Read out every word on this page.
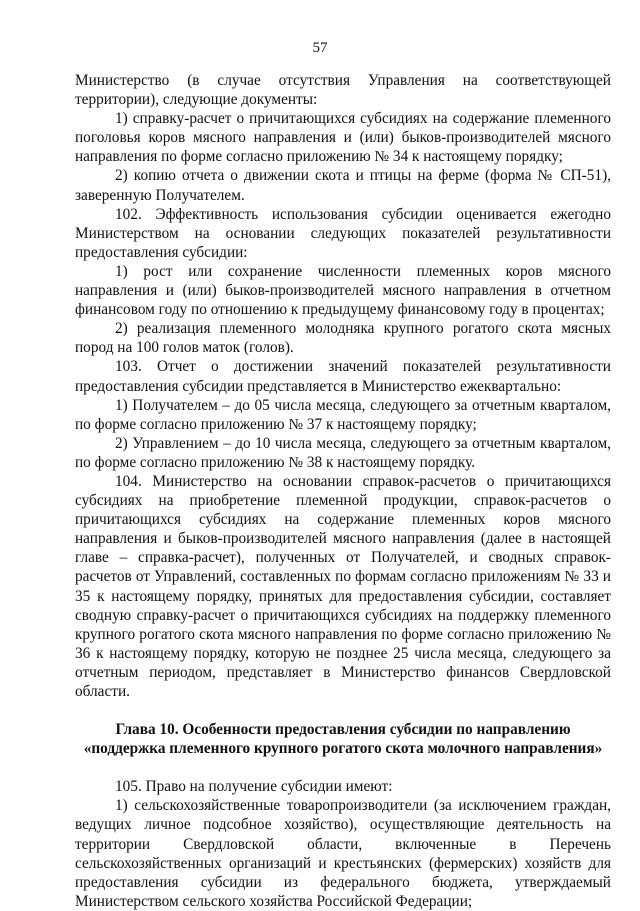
57

Министерство (в случае отсутствия Управления на соответствующей территории), следующие документы:

1) справку-расчет о причитающихся субсидиях на содержание племенного поголовья коров мясного направления и (или) быков-производителей мясного направления по форме согласно приложению № 34 к настоящему порядку;

2) копию отчета о движении скота и птицы на ферме (форма № СП-51), заверенную Получателем.

102. Эффективность использования субсидии оценивается ежегодно Министерством на основании следующих показателей результативности предоставления субсидии:

1) рост или сохранение численности племенных коров мясного направления и (или) быков-производителей мясного направления в отчетном финансовом году по отношению к предыдущему финансовому году в процентах;

2) реализация племенного молодняка крупного рогатого скота мясных пород на 100 голов маток (голов).

103. Отчет о достижении значений показателей результативности предоставления субсидии представляется в Министерство ежеквартально:

1) Получателем – до 05 числа месяца, следующего за отчетным кварталом, по форме согласно приложению № 37 к настоящему порядку;

2) Управлением – до 10 числа месяца, следующего за отчетным кварталом, по форме согласно приложению № 38 к настоящему порядку.

104. Министерство на основании справок-расчетов о причитающихся субсидиях на приобретение племенной продукции, справок-расчетов о причитающихся субсидиях на содержание племенных коров мясного направления и быков-производителей мясного направления (далее в настоящей главе – справка-расчет), полученных от Получателей, и сводных справок-расчетов от Управлений, составленных по формам согласно приложениям № 33 и 35 к настоящему порядку, принятых для предоставления субсидии, составляет сводную справку-расчет о причитающихся субсидиях на поддержку племенного крупного рогатого скота мясного направления по форме согласно приложению № 36 к настоящему порядку, которую не позднее 25 числа месяца, следующего за отчетным периодом, представляет в Министерство финансов Свердловской области.

Глава 10. Особенности предоставления субсидии по направлению

«поддержка племенного крупного рогатого скота молочного направления»

105. Право на получение субсидии имеют:

1) сельскохозяйственные товаропроизводители (за исключением граждан, ведущих личное подсобное хозяйство), осуществляющие деятельность на территории Свердловской области, включенные в Перечень сельскохозяйственных организаций и крестьянских (фермерских) хозяйств для предоставления субсидии из федерального бюджета, утверждаемый Министерством сельского хозяйства Российской Федерации;
